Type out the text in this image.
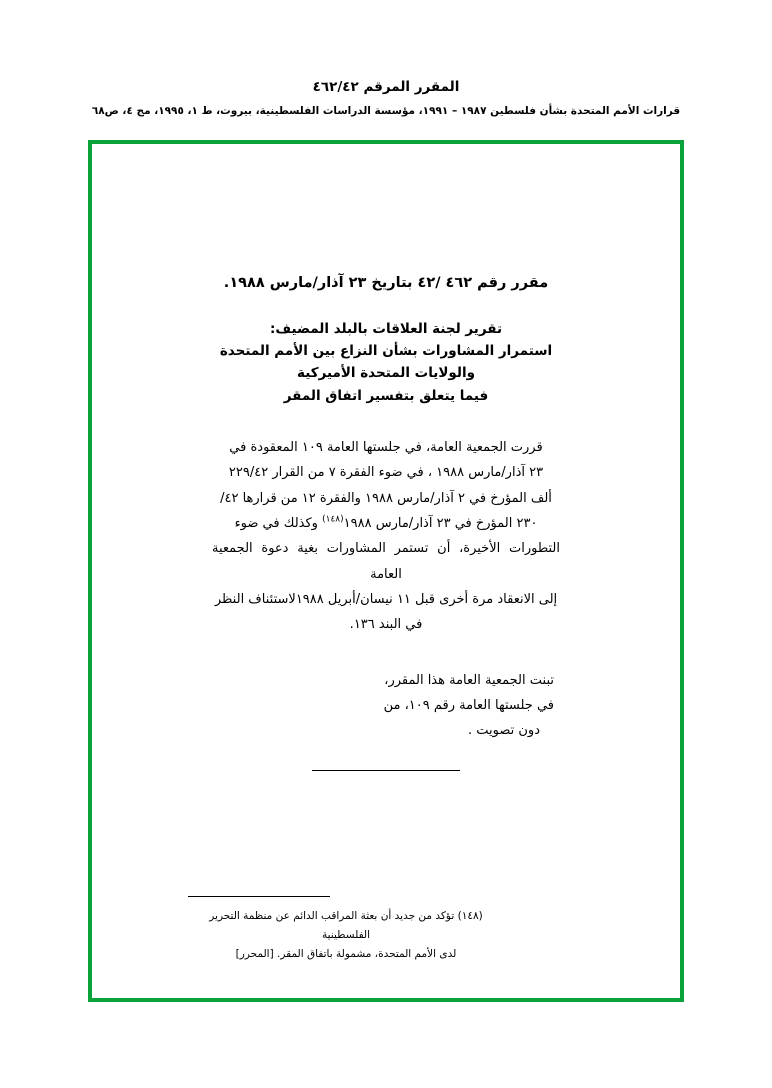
المقرر المرقم ٤٦٢/٤٢
قرارات الأمم المتحدة بشأن فلسطين ١٩٨٧ – ١٩٩١، مؤسسة الدراسات الفلسطينية، بيروت، ط ١، ١٩٩٥، مج ٤، ص٦٨
مقرر رقم ٤٦٢ /٤٢ بتاريخ ٢٣ آذار/مارس ١٩٨٨.
تقرير لجنة العلاقات بالبلد المضيف:
استمرار المشاورات بشأن النزاع بين الأمم المتحدة
والولايات المتحدة الأميركية
فيما يتعلق بتفسير اتفاق المقر

قررت الجمعية العامة، في جلستها العامة ١٠٩ المعقودة في

٢٣ آذار/مارس ١٩٨٨ ، في ضوء الفقرة ٧ من القرار ٢٢٩/٤٢

ألف المؤرخ في ٢ آذار/مارس ١٩٨٨ والفقرة ١٢ من قرارها ٤٢/

٢٣٠ المؤرخ في ٢٣ آذار/مارس ١٩٨٨$^{(١٤٨)}$ وكذلك في ضوء

التطورات الأخيرة، أن تستمر المشاورات بغية دعوة الجمعية العامة

إلى الانعقاد مرة أخرى قبل ١١ نيسان/أبريل ١٩٨٨لاستئناف النظر

في البند ١٣٦.

تبنت الجمعية العامة هذا المقرر،

في جلستها العامة رقم ١٠٩، من

دون تصويت .

(١٤٨) تؤكد من جديد أن بعثة المراقب الدائم عن منظمة التحرير الفلسطينية

لدى الأمم المتحدة، مشمولة باتفاق المقر. [المحرر]
